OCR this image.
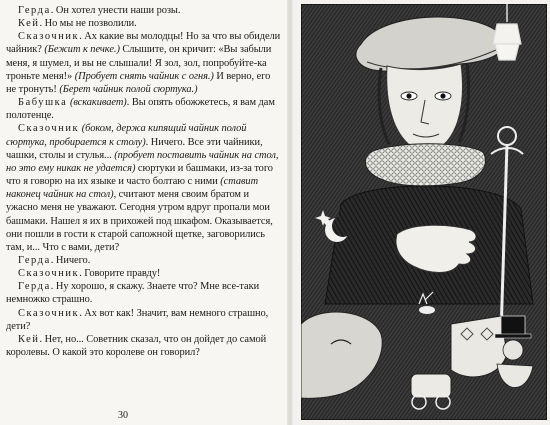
Герда. Он хотел унести наши розы.

Кей. Но мы не позволили.

Сказочник. Ах какие вы молодцы! Но за что вы обидели чайник? (Бежит к печке.) Слышите, он кричит: «Вы забыли меня, я шумел, и вы не слышали! Я зол, зол, попробуйте-ка троньте меня!» (Пробует снять чайник с огня.) И верно, его не тронуть! (Берет чайник полой сюртука.)

Бабушка (вскакивает). Вы опять обожжетесь, я вам дам полотенце.

Сказочник (боком, держа кипящий чайник полой сюртука, пробирается к столу). Ничего. Все эти чайники, чашки, столы и стулья... (пробует поставить чайник на стол, но это ему никак не удается) сюртуки и башмаки, из-за того что я говорю на их языке и часто болтаю с ними (ставит наконец чайник на стол), считают меня своим братом и ужасно меня не уважают. Сегодня утром вдруг пропали мои башмаки. Нашел я их в прихожей под шкафом. Оказывается, они пошли в гости к старой сапожной щетке, заговорились там, и... Что с вами, дети?

Герда. Ничего.

Сказочник. Говорите правду!

Герда. Ну хорошо, я скажу. Знаете что? Мне все-таки немножко страшно.

Сказочник. Ах вот как! Значит, вам немного страшно, дети?

Кей. Нет, но... Советник сказал, что он дойдет до самой королевы. О какой это королеве он говорил?

30
